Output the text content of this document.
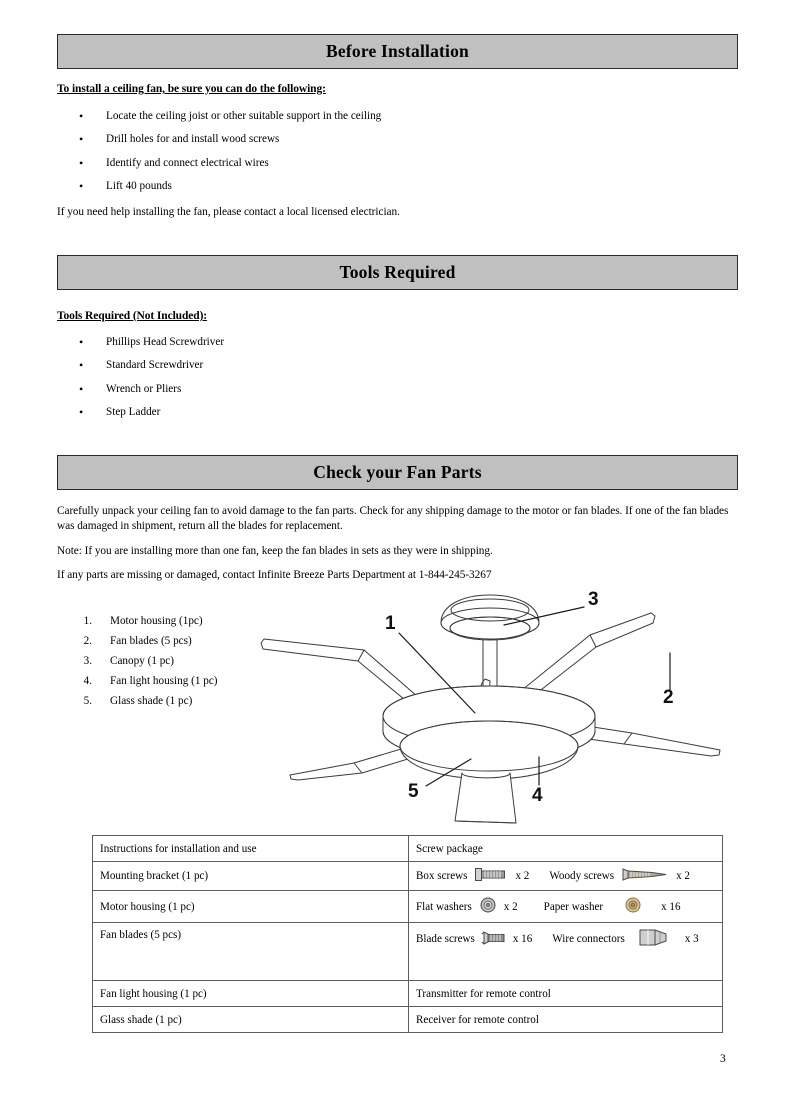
Before Installation
To install a ceiling fan, be sure you can do the following:
• Locate the ceiling joist or other suitable support in the ceiling
• Drill holes for and install wood screws
• Identify and connect electrical wires
• Lift 40 pounds
If you need help installing the fan, please contact a local licensed electrician.
Tools Required
Tools Required (Not Included):
• Phillips Head Screwdriver
• Standard Screwdriver
• Wrench or Pliers
• Step Ladder
Check your Fan Parts
Carefully unpack your ceiling fan to avoid damage to the fan parts. Check for any shipping damage to the motor or fan blades. If one of the fan blades was damaged in shipment, return all the blades for replacement.
Note: If you are installing more than one fan, keep the fan blades in sets as they were in shipping.
If any parts are missing or damaged, contact Infinite Breeze Parts Department at 1-844-245-3267
1. Motor housing (1pc)
2. Fan blades (5 pcs)
3. Canopy (1 pc)
4. Fan light housing (1 pc)
5. Glass shade (1 pc)
1
2
3
4
5
Instructions for installation and use	Screw package
Mounting bracket (1 pc)	Box screws x 2 Woody screws x 2

Motor housing (1 pc)	Flat washers x 2 Paper washer x 16

Fan blades (5 pcs)	Blade screws x 16 Wire connectors x 3

Fan light housing (1 pc)	Transmitter for remote control
Glass shade (1 pc)	Receiver for remote control
3
